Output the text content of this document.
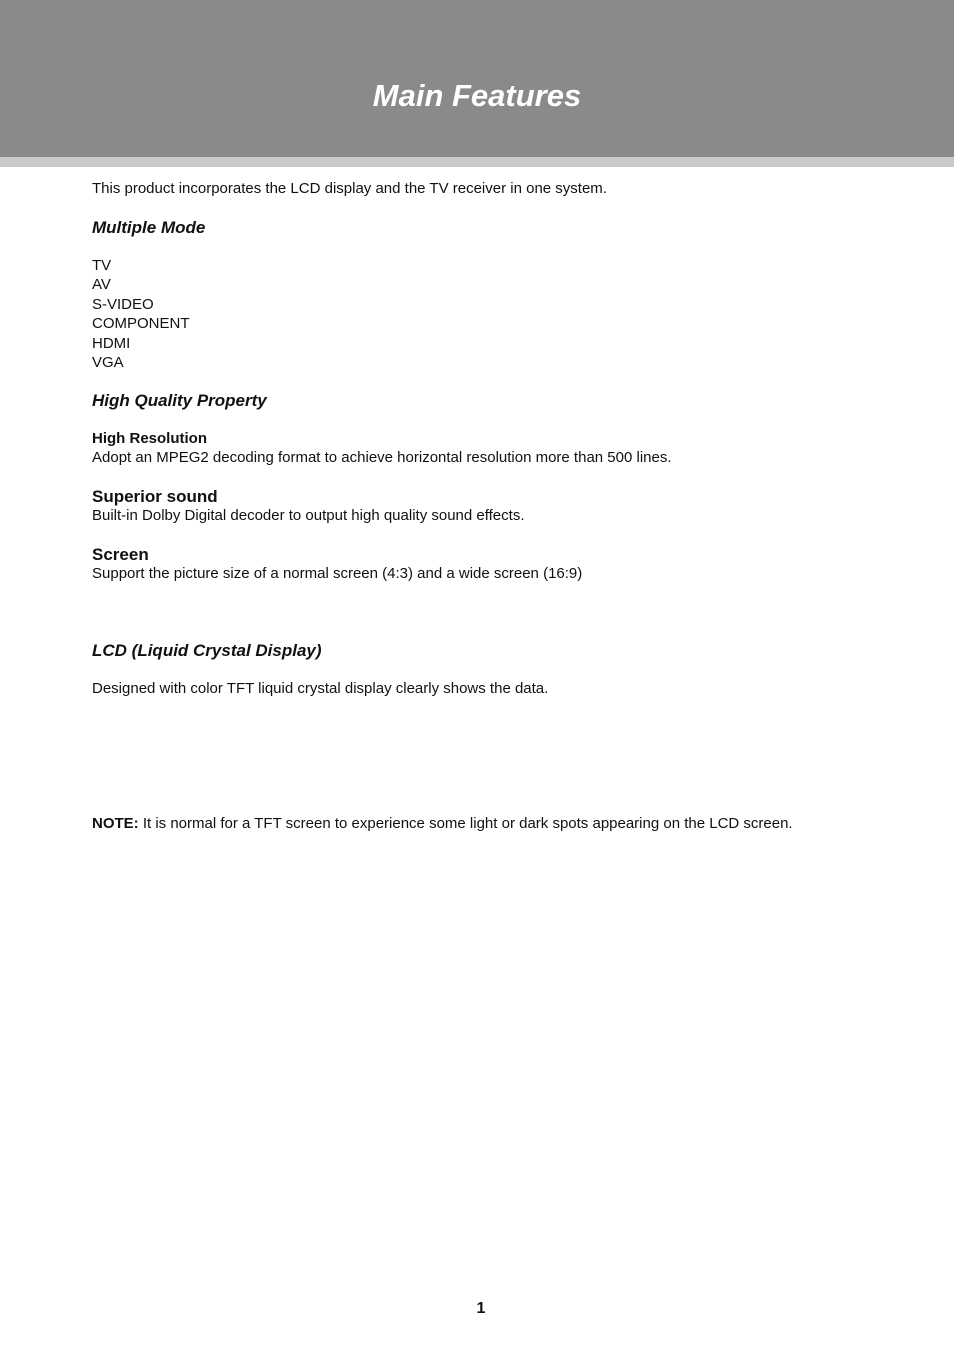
Main Features

This product incorporates the LCD display and the TV receiver in one system.

Multiple Mode
TV
AV
S-VIDEO
COMPONENT
HDMI
VGA
High Quality Property
High Resolution

Adopt an MPEG2 decoding format to achieve horizontal resolution more than 500 lines.

Superior sound

Built-in Dolby Digital decoder to output high quality sound effects.

Screen

Support the picture size of a normal screen (4:3) and a wide screen (16:9)

LCD (Liquid Crystal Display)

Designed with color TFT liquid crystal display clearly shows the data.

NOTE: It is normal for a TFT screen to experience some light or dark spots appearing on the LCD screen.

1
